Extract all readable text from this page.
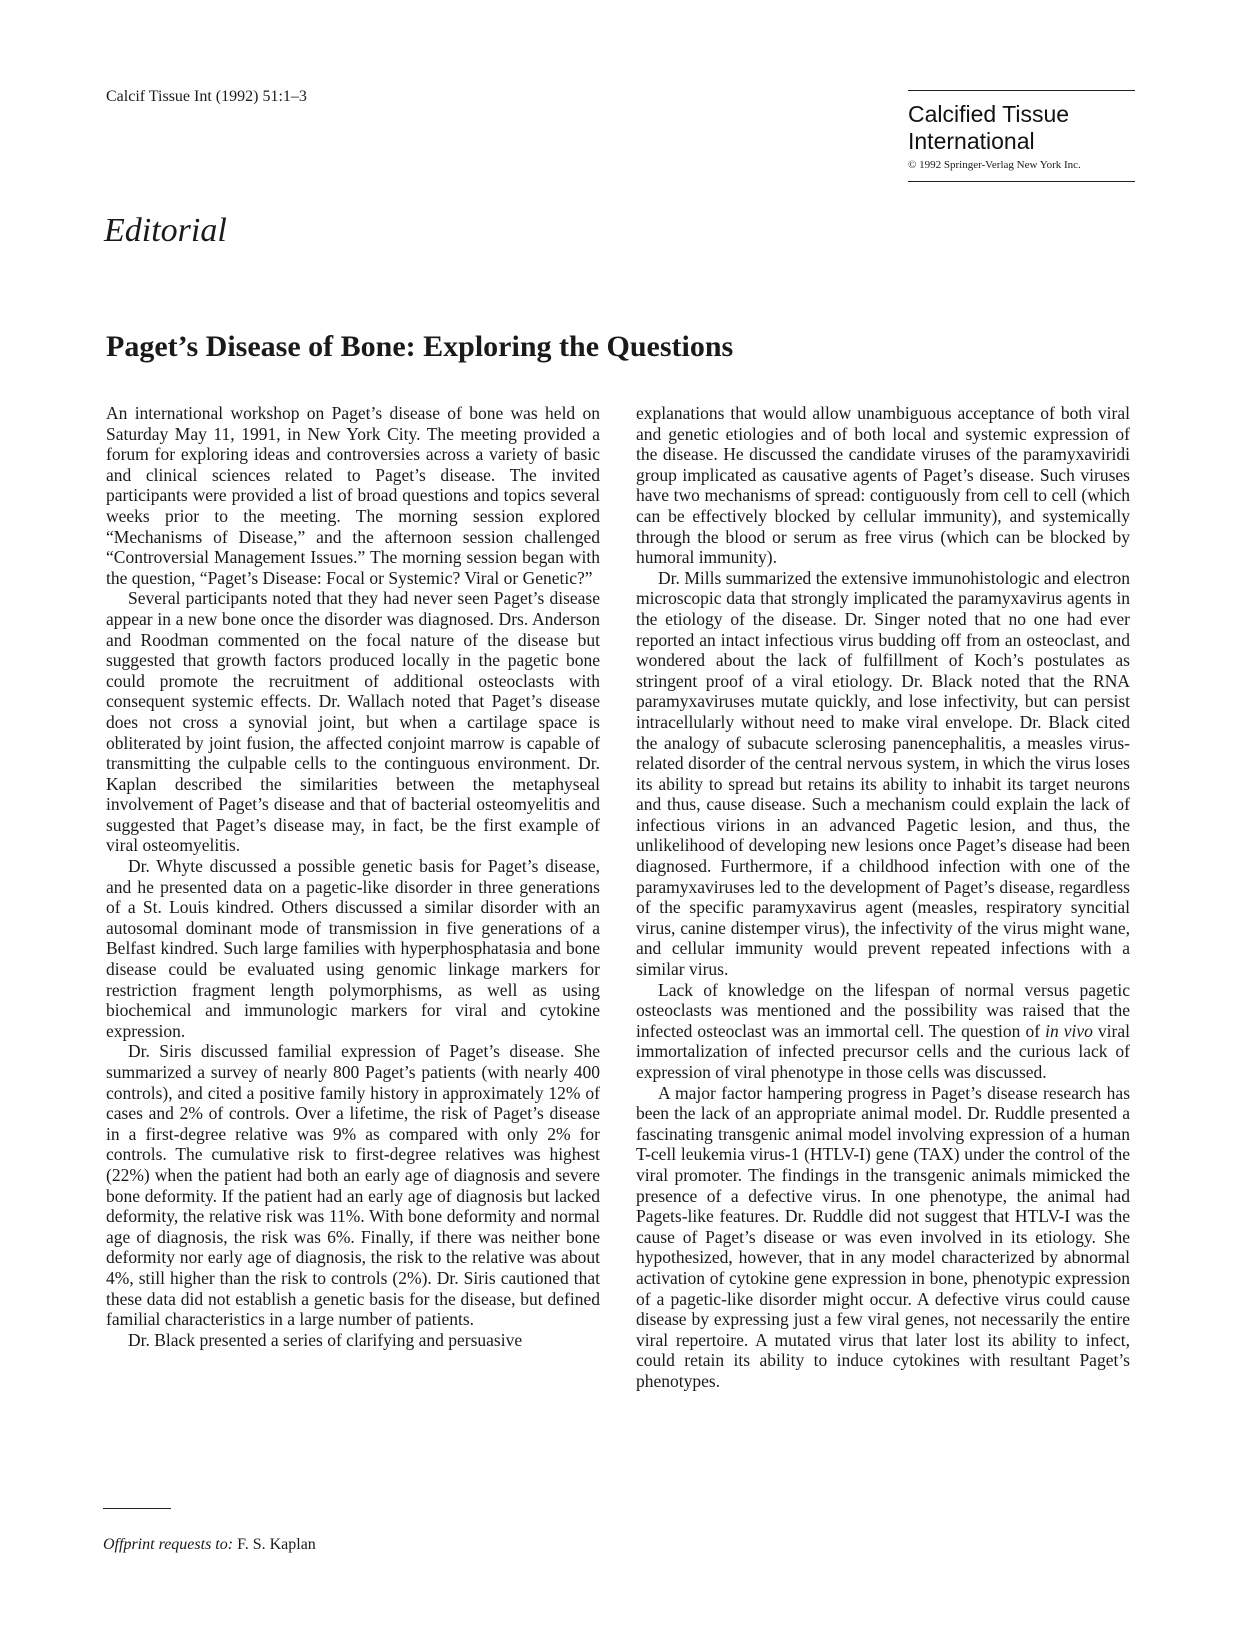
Calcif Tissue Int (1992) 51:1–3
Calcified Tissue
International
© 1992 Springer-Verlag New York Inc.
Editorial
Paget’s Disease of Bone: Exploring the Questions

An international workshop on Paget’s disease of bone was held on Saturday May 11, 1991, in New York City. The meeting provided a forum for exploring ideas and controversies across a variety of basic and clinical sciences related to Paget’s disease. The invited participants were provided a list of broad questions and topics several weeks prior to the meeting. The morning session explored “Mechanisms of Disease,” and the afternoon session challenged “Controversial Management Issues.” The morning session began with the question, “Paget’s Disease: Focal or Systemic? Viral or Genetic?”

Several participants noted that they had never seen Paget’s disease appear in a new bone once the disorder was diagnosed. Drs. Anderson and Roodman commented on the focal nature of the disease but suggested that growth factors produced locally in the pagetic bone could promote the recruitment of additional osteoclasts with consequent systemic effects. Dr. Wallach noted that Paget’s disease does not cross a synovial joint, but when a cartilage space is obliterated by joint fusion, the affected conjoint marrow is capable of transmitting the culpable cells to the continguous environment. Dr. Kaplan described the similarities between the metaphyseal involvement of Paget’s disease and that of bacterial osteomyelitis and suggested that Paget’s disease may, in fact, be the first example of viral osteomyelitis.

Dr. Whyte discussed a possible genetic basis for Paget’s disease, and he presented data on a pagetic-like disorder in three generations of a St. Louis kindred. Others discussed a similar disorder with an autosomal dominant mode of transmission in five generations of a Belfast kindred. Such large families with hyperphosphatasia and bone disease could be evaluated using genomic linkage markers for restriction fragment length polymorphisms, as well as using biochemical and immunologic markers for viral and cytokine expression.

Dr. Siris discussed familial expression of Paget’s disease. She summarized a survey of nearly 800 Paget’s patients (with nearly 400 controls), and cited a positive family history in approximately 12% of cases and 2% of controls. Over a lifetime, the risk of Paget’s disease in a first-degree relative was 9% as compared with only 2% for controls. The cumulative risk to first-degree relatives was highest (22%) when the patient had both an early age of diagnosis and severe bone deformity. If the patient had an early age of diagnosis but lacked deformity, the relative risk was 11%. With bone deformity and normal age of diagnosis, the risk was 6%. Finally, if there was neither bone deformity nor early age of diagnosis, the risk to the relative was about 4%, still higher than the risk to controls (2%). Dr. Siris cautioned that these data did not establish a genetic basis for the disease, but defined familial characteristics in a large number of patients.

Dr. Black presented a series of clarifying and persuasive

explanations that would allow unambiguous acceptance of both viral and genetic etiologies and of both local and systemic expression of the disease. He discussed the candidate viruses of the paramyxaviridi group implicated as causative agents of Paget’s disease. Such viruses have two mechanisms of spread: contiguously from cell to cell (which can be effectively blocked by cellular immunity), and systemically through the blood or serum as free virus (which can be blocked by humoral immunity).

Dr. Mills summarized the extensive immunohistologic and electron microscopic data that strongly implicated the paramyxavirus agents in the etiology of the disease. Dr. Singer noted that no one had ever reported an intact infectious virus budding off from an osteoclast, and wondered about the lack of fulfillment of Koch’s postulates as stringent proof of a viral etiology. Dr. Black noted that the RNA paramyxaviruses mutate quickly, and lose infectivity, but can persist intracellularly without need to make viral envelope. Dr. Black cited the analogy of subacute sclerosing panencephalitis, a measles virus-related disorder of the central nervous system, in which the virus loses its ability to spread but retains its ability to inhabit its target neurons and thus, cause disease. Such a mechanism could explain the lack of infectious virions in an advanced Pagetic lesion, and thus, the unlikelihood of developing new lesions once Paget’s disease had been diagnosed. Furthermore, if a childhood infection with one of the paramyxaviruses led to the development of Paget’s disease, regardless of the specific paramyxavirus agent (measles, respiratory syncitial virus, canine distemper virus), the infectivity of the virus might wane, and cellular immunity would prevent repeated infections with a similar virus.

Lack of knowledge on the lifespan of normal versus pagetic osteoclasts was mentioned and the possibility was raised that the infected osteoclast was an immortal cell. The question of in vivo viral immortalization of infected precursor cells and the curious lack of expression of viral phenotype in those cells was discussed.

A major factor hampering progress in Paget’s disease research has been the lack of an appropriate animal model. Dr. Ruddle presented a fascinating transgenic animal model involving expression of a human T-cell leukemia virus-1 (HTLV-I) gene (TAX) under the control of the viral promoter. The findings in the transgenic animals mimicked the presence of a defective virus. In one phenotype, the animal had Pagets-like features. Dr. Ruddle did not suggest that HTLV-I was the cause of Paget’s disease or was even involved in its etiology. She hypothesized, however, that in any model characterized by abnormal activation of cytokine gene expression in bone, phenotypic expression of a pagetic-like disorder might occur. A defective virus could cause disease by expressing just a few viral genes, not necessarily the entire viral repertoire. A mutated virus that later lost its ability to infect, could retain its ability to induce cytokines with resultant Paget’s phenotypes.

Offprint requests to: F. S. Kaplan
